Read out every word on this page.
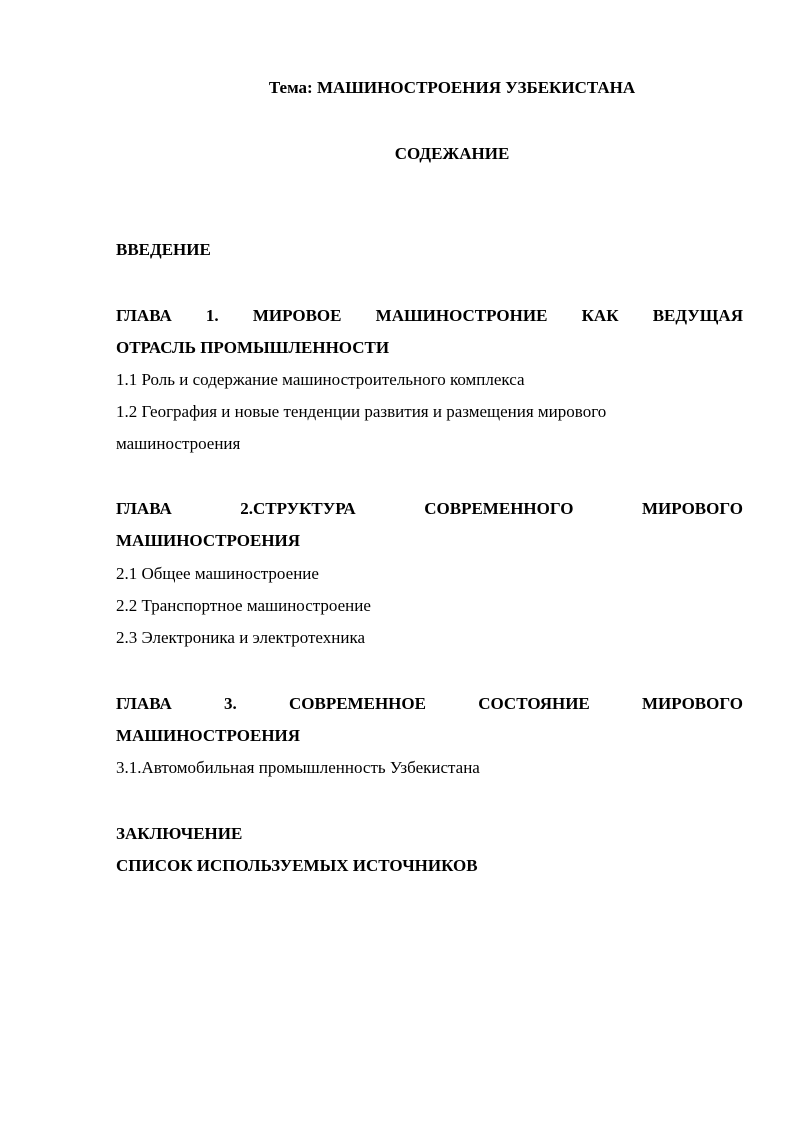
Тема: МАШИНОСТРОЕНИЯ УЗБЕКИСТАНА
СОДЕЖАНИЕ
ВВЕДЕНИЕ
ГЛАВА 1. МИРОВОЕ МАШИНОСТРОНИЕ КАК ВЕДУЩАЯ
ОТРАСЛЬ ПРОМЫШЛЕННОСТИ
1.1 Роль и содержание машиностроительного комплекса
1.2 География и новые тенденции развития и размещения мирового машиностроения
ГЛАВА	2.СТРУКТУРА	СОВРЕМЕННОГО	МИРОВОГО
МАШИНОСТРОЕНИЯ
2.1 Общее машиностроение
2.2 Транспортное машиностроение
2.3 Электроника и электротехника
ГЛАВА	3.	СОВРЕМЕННОЕ	СОСТОЯНИЕ	МИРОВОГО
МАШИНОСТРОЕНИЯ
3.1.Автомобильная промышленность Узбекистана
ЗАКЛЮЧЕНИЕ
СПИСОК ИСПОЛЬЗУЕМЫХ ИСТОЧНИКОВ
